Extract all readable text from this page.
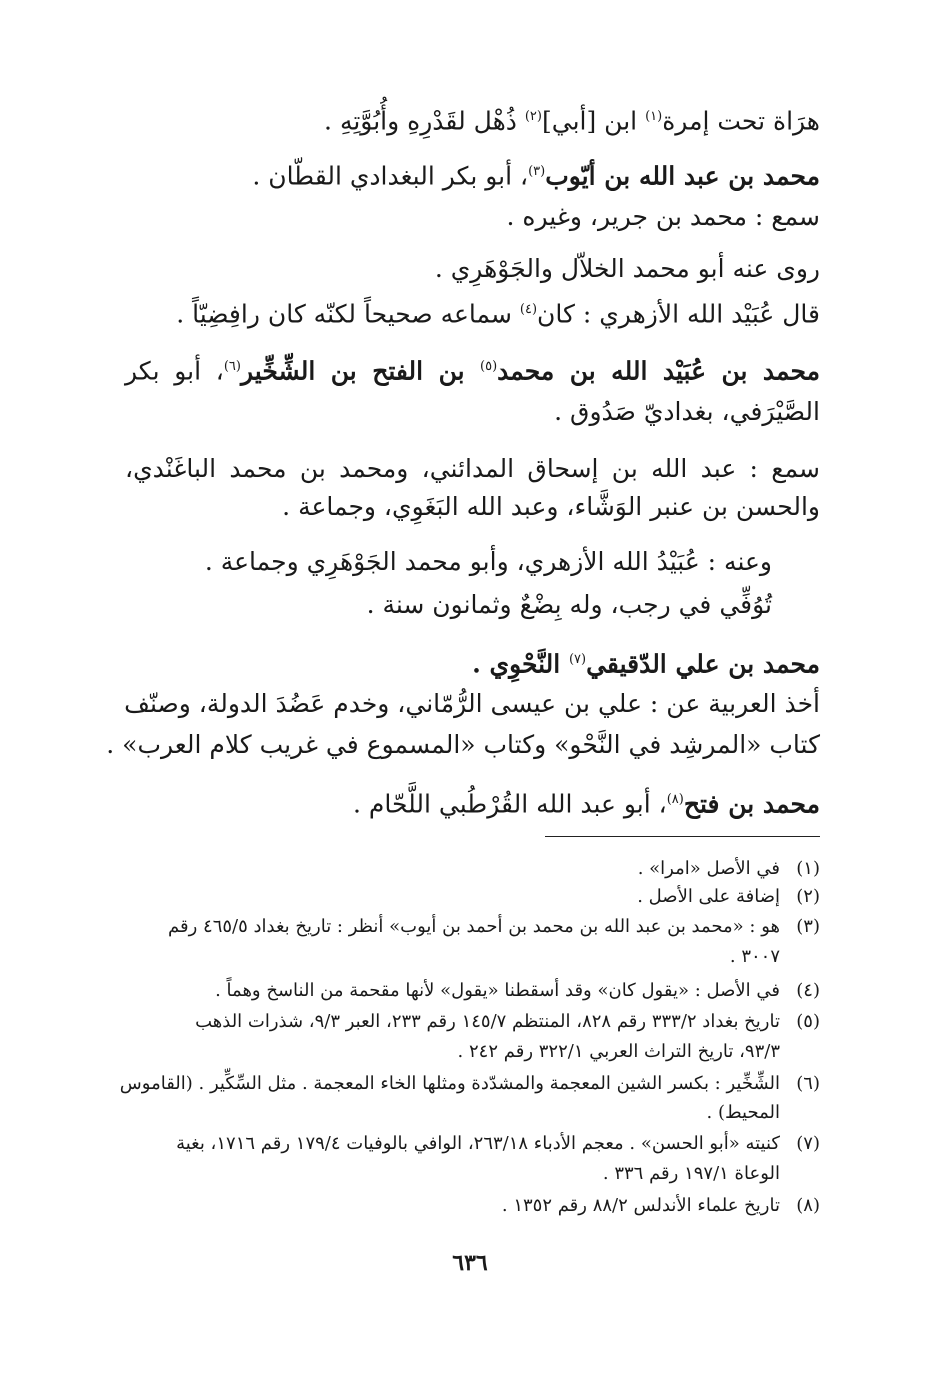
هرَاة تحت إمرة$^{(١)}$ ابن [أبي]$^{(٢)}$ ذُهْل لقَدْرِهِ وأُبُوَّتِهِ .
محمد بن عبد الله بن أيّوب$^{(٣)}$، أبو بكر البغدادي القطّان .
سمع : محمد بن جرير، وغيره .
روى عنه أبو محمد الخلاّل والجَوْهَرِي .
قال عُبَيْد الله الأزهري : كان$^{(٤)}$ سماعه صحيحاً لكنّه كان رافِضِيّاً .
محمد بن عُبَيْد الله بن محمد$^{(٥)}$ بن الفتح بن الشِّخِّير$^{(٦)}$، أبو بكر
الصَّيْرَفي، بغداديّ صَدُوق .
سمع : عبد الله بن إسحاق المدائني، ومحمد بن محمد الباغَنْدي،
والحسن بن عنبر الوَشَّاء، وعبد الله البَغَوِي، وجماعة .
وعنه : عُبَيْدُ الله الأزهري، وأبو محمد الجَوْهَرِي وجماعة .
تُوُفِّي في رجب، وله بِضْعٌ وثمانون سنة .
محمد بن علي الدّقيقي$^{(٧)}$ النَّحْوِي .
أخذ العربية عن : علي بن عيسى الرُّمّاني، وخدم عَضُدَ الدولة، وصنّف
كتاب «المرشِد في النَّحْو» وكتاب «المسموع في غريب كلام العرب» .
محمد بن فتح$^{(٨)}$، أبو عبد الله القُرْطُبي اللَّحّام .
(١)في الأصل «امرا» .
(٢)إضافة على الأصل .
(٣)هو : «محمد بن عبد الله بن محمد بن أحمد بن أيوب» أنظر : تاريخ بغداد ٤٦٥/٥ رقم
٣٠٠٧ .
(٤)في الأصل : «يقول كان» وقد أسقطنا «يقول» لأنها مقحمة من الناسخ وهماً .
(٥)تاريخ بغداد ٣٣٣/٢ رقم ٨٢٨، المنتظم ١٤٥/٧ رقم ٢٣٣، العبر ٩/٣، شذرات الذهب
٩٣/٣، تاريخ التراث العربي ٣٢٢/١ رقم ٢٤٢ .
(٦)الشِّخِّير : بكسر الشين المعجمة والمشدّدة ومثلها الخاء المعجمة . مثل السِّكِّير . (القاموس
المحيط) .
(٧)كنيته «أبو الحسن» . معجم الأدباء ٢٦٣/١٨، الوافي بالوفيات ١٧٩/٤ رقم ١٧١٦، بغية
الوعاة ١٩٧/١ رقم ٣٣٦ .
(٨)تاريخ علماء الأندلس ٨٨/٢ رقم ١٣٥٢ .
٦٣٦
